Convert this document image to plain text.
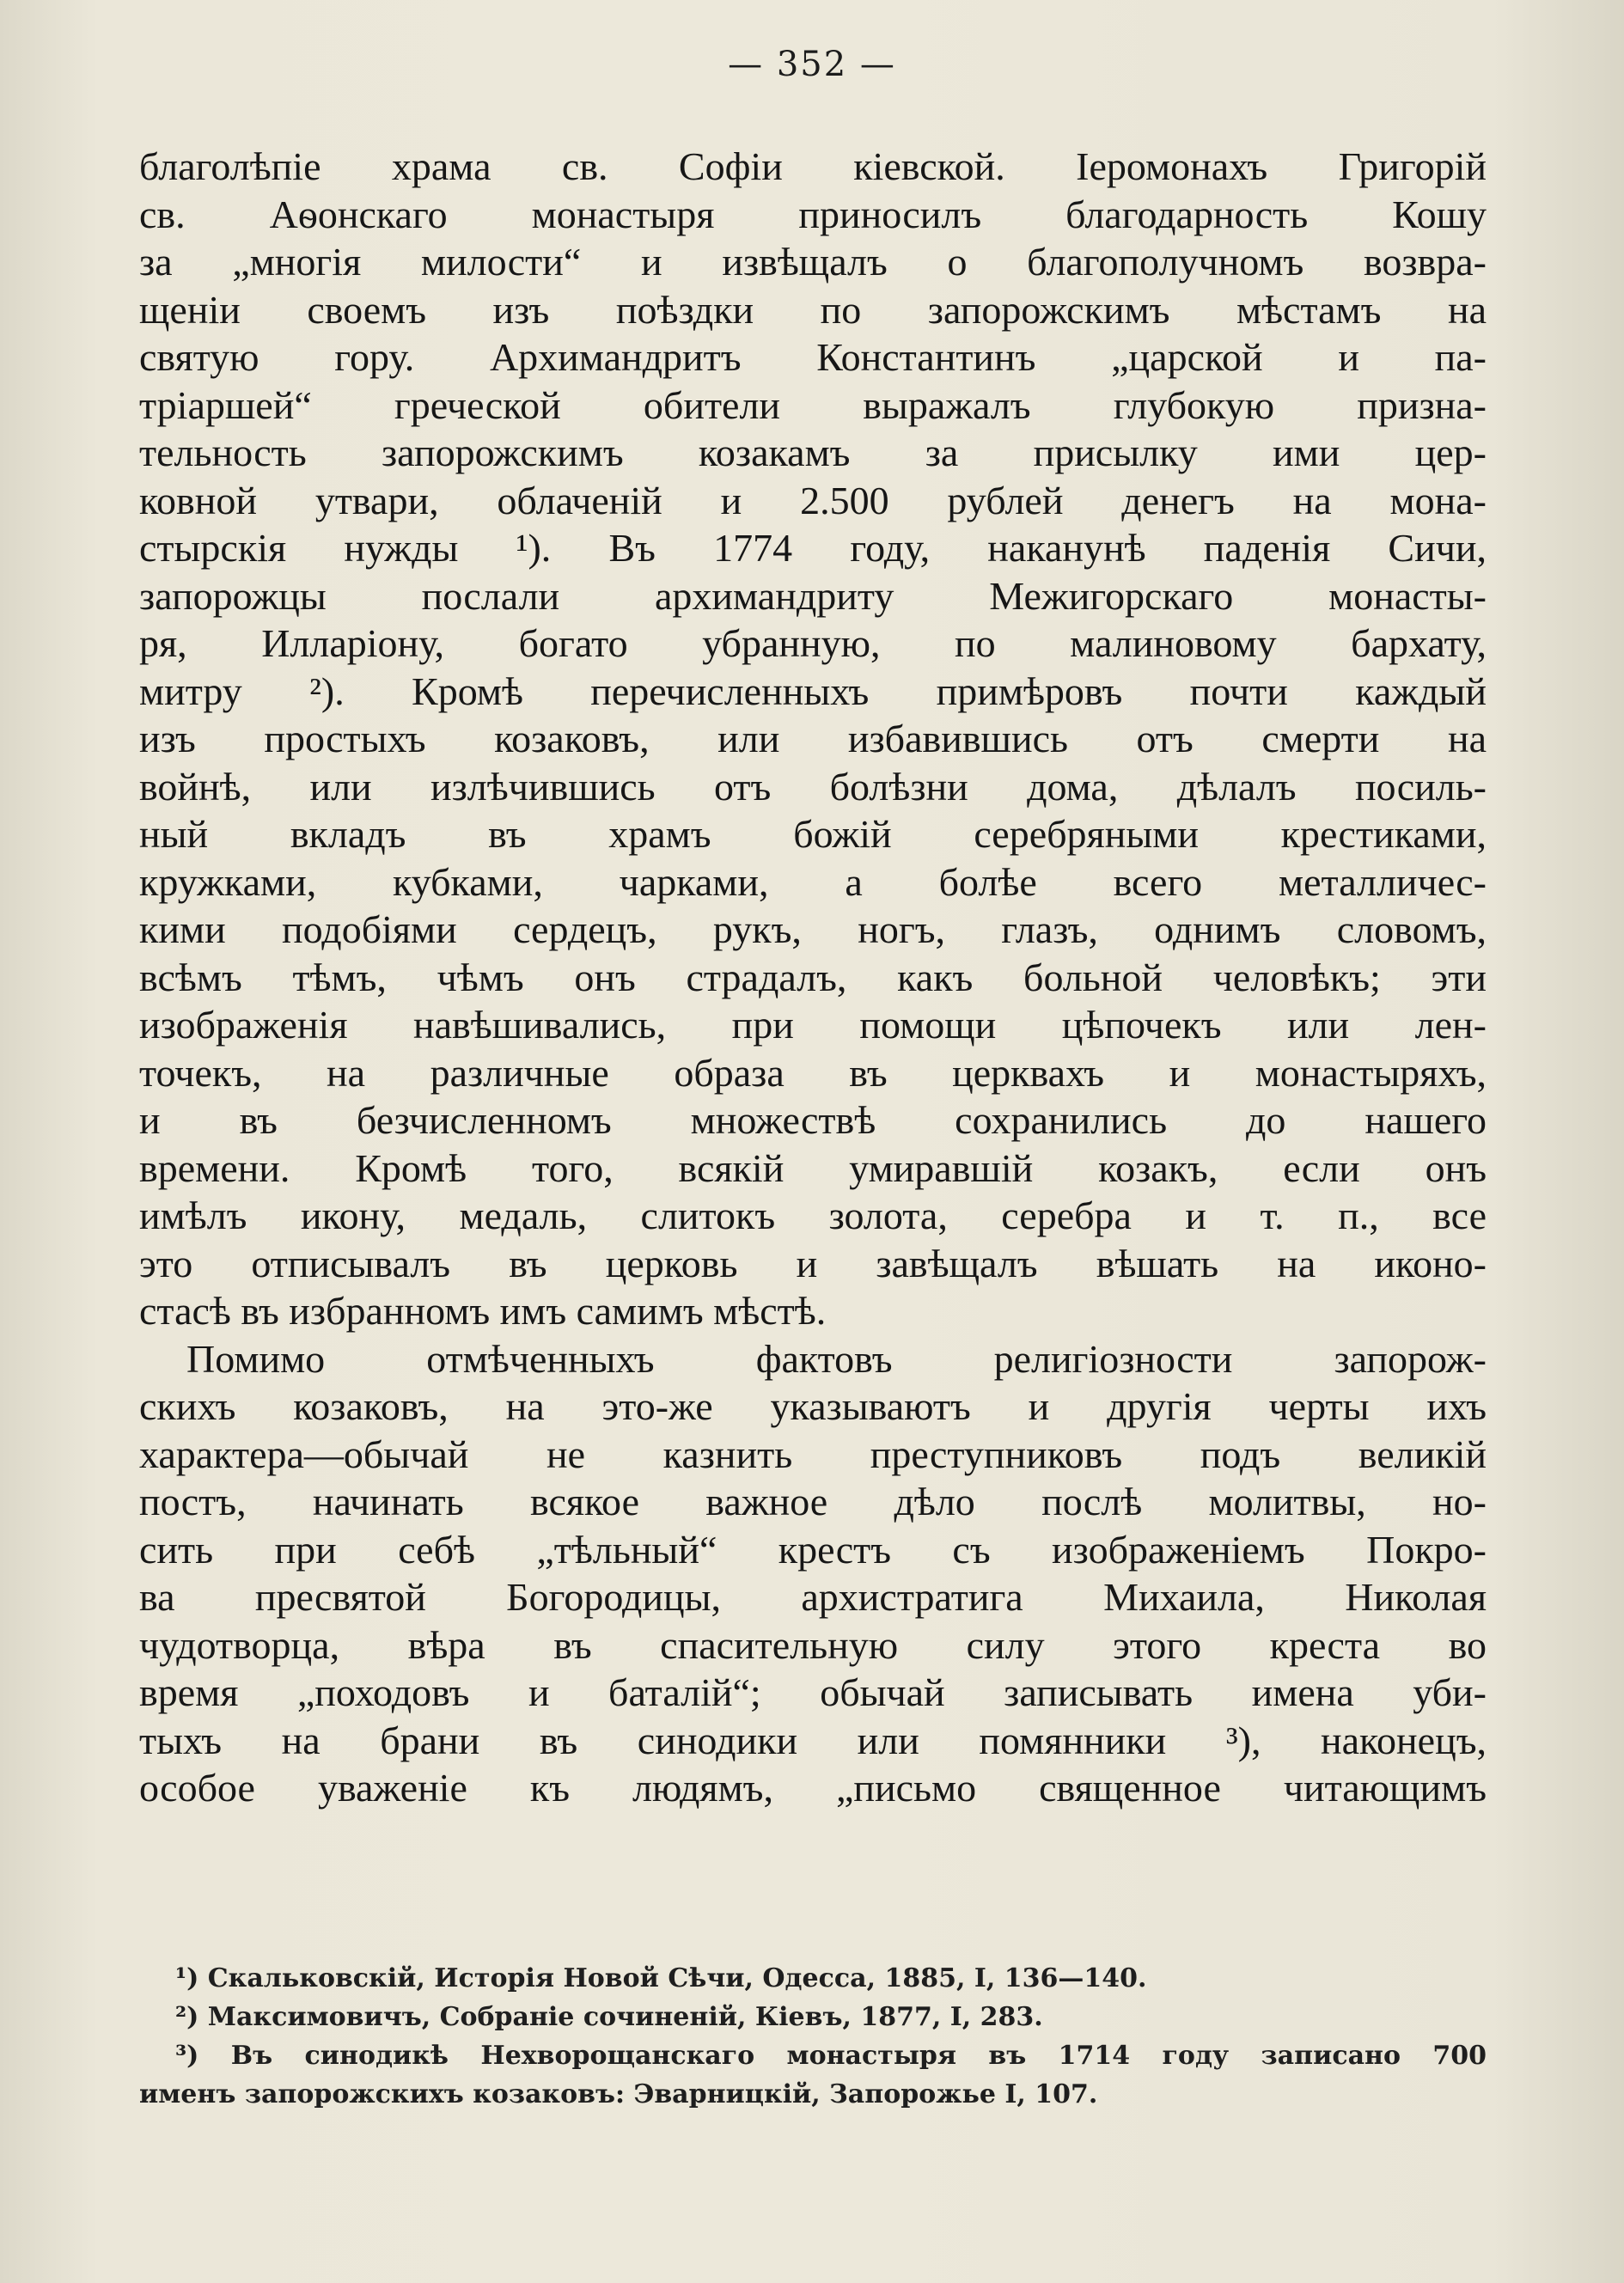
— 352 —
благолѣпіе храма св. Софіи кіевской. Іеромонахъ Григорій
св. Аѳонскаго монастыря приносилъ благодарность Кошу
за „многія милости“ и извѣщалъ о благополучномъ возвра-
щеніи своемъ изъ поѣздки по запорожскимъ мѣстамъ на
святую гору. Архимандритъ Константинъ „царской и па-
тріаршей“ греческой обители выражалъ глубокую призна-
тельность запорожскимъ козакамъ за присылку ими цер-
ковной утвари, облаченій и 2.500 рублей денегъ на мона-
стырскія нужды ¹). Въ 1774 году, наканунѣ паденія Сичи,
запорожцы послали архимандриту Межигорскаго монасты-
ря, Илларіону, богато убранную, по малиновому бархату,
митру ²). Кромѣ перечисленныхъ примѣровъ почти каждый
изъ простыхъ козаковъ, или избавившись отъ смерти на
войнѣ, или излѣчившись отъ болѣзни дома, дѣлалъ посиль-
ный вкладъ въ храмъ божій серебряными крестиками,
кружками, кубками, чарками, а болѣе всего металличес-
кими подобіями сердецъ, рукъ, ногъ, глазъ, однимъ словомъ,
всѣмъ тѣмъ, чѣмъ онъ страдалъ, какъ больной человѣкъ; эти
изображенія навѣшивались, при помощи цѣпочекъ или лен-
точекъ, на различные образа въ церквахъ и монастыряхъ,
и въ безчисленномъ множествѣ сохранились до нашего
времени. Кромѣ того, всякій умиравшій козакъ, если онъ
имѣлъ икону, медаль, слитокъ золота, серебра и т. п., все
это отписывалъ въ церковь и завѣщалъ вѣшать на иконо-
стасѣ въ избранномъ имъ самимъ мѣстѣ.
Помимо отмѣченныхъ фактовъ религіозности запорож-
скихъ козаковъ, на это-же указываютъ и другія черты ихъ
характера—обычай не казнить преступниковъ подъ великій
постъ, начинать всякое важное дѣло послѣ молитвы, но-
сить при себѣ „тѣльный“ крестъ съ изображеніемъ Покро-
ва пресвятой Богородицы, архистратига Михаила, Николая
чудотворца, вѣра въ спасительную силу этого креста во
время „походовъ и баталій“; обычай записывать имена уби-
тыхъ на брани въ синодики или помянники ³), наконецъ,
особое уваженіе къ людямъ, „письмо священное читающимъ
¹) Скальковскій, Исторія Новой Сѣчи, Одесса, 1885, I, 136—140.
²) Максимовичъ, Собраніе сочиненій, Кіевъ, 1877, I, 283.
³) Въ синодикѣ Нехворощанскаго монастыря въ 1714 году записано 700
именъ запорожскихъ козаковъ: Эварницкій, Запорожье I, 107.
